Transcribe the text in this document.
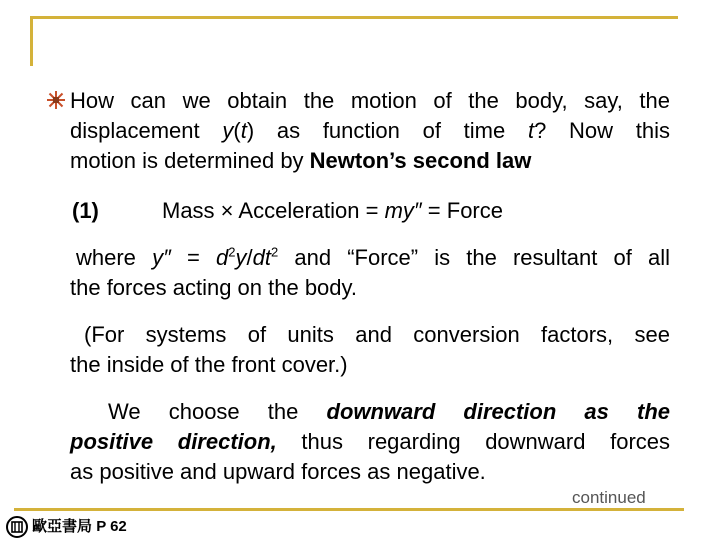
How can we obtain the motion of the body, say, the
displacement y(t) as function of time t? Now this
motion is determined by Newton’s second law
(1)	Mass × Acceleration = my″ = Force
where $y'' = d^2y/dt^2$ and “Force” is the resultant of all
the forces acting on the body.
(For systems of units and conversion factors, see
the inside of the front cover.)
We choose the downward direction as the
positive direction, thus regarding downward forces
as positive and upward forces as negative.
continued
歐亞書局 P 62
